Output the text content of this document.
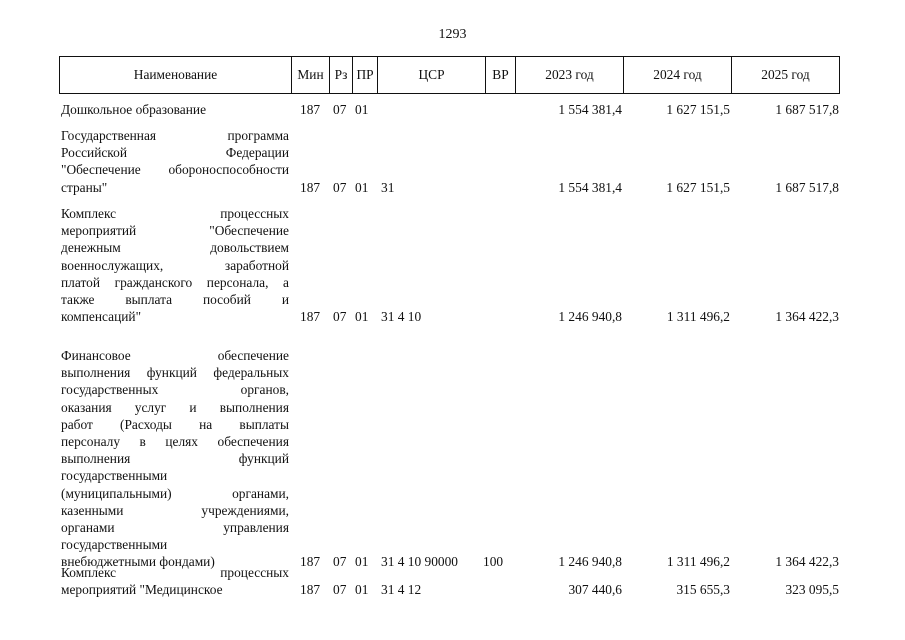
1293
Наименование	Мин Рз ПР	ЦСР	ВР	2023 год	2024 год	2025 год
Дошкольное образование	187 07 01	1 554 381,4	1 627 151,5	1 687 517,8
Государственная программа
Российской Федерации
"Обеспечение обороноспособности
страны"	187 07 01 31	1 554 381,4	1 627 151,5	1 687 517,8
Комплекс процессных
мероприятий "Обеспечение
денежным довольствием
военнослужащих, заработной
платой гражданского персонала, а
также выплата пособий и
компенсаций"	187 07 01 31 4 10	1 246 940,8	1 311 496,2	1 364 422,3
Финансовое обеспечение
выполнения функций федеральных
государственных органов,
оказания услуг и выполнения
работ (Расходы на выплаты
персоналу в целях обеспечения
выполнения функций
государственными
(муниципальными) органами,
казенными учреждениями,
органами управления
государственными
внебюджетными фондами)	187 07 01 31 4 10 90000 100	1 246 940,8	1 311 496,2	1 364 422,3
Комплекс процессных
мероприятий "Медицинское	187 07 01 31 4 12	307 440,6	315 655,3	323 095,5
